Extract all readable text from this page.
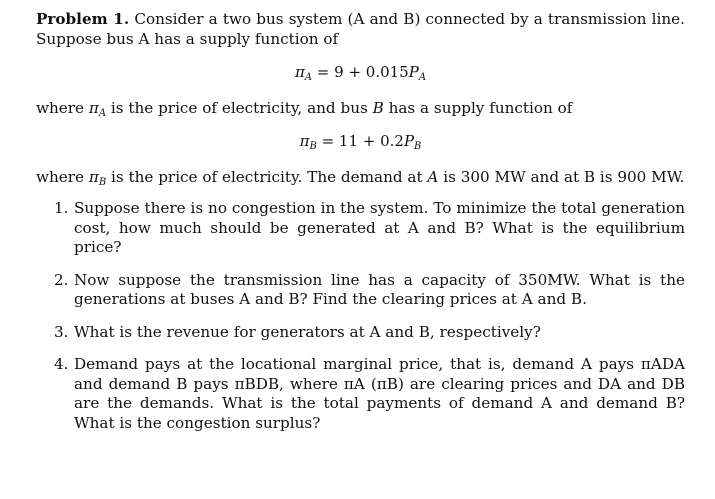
Problem 1. Consider a two bus system (A and B) connected by a transmission line. Suppose bus A has a supply function of

$\pi_A = 9 + 0.015P_A$

where $\pi_A$ is the price of electricity, and bus B has a supply function of

$\pi_B = 11 + 0.2P_B$

where $\pi_B$ is the price of electricity. The demand at A is 300 MW and at B is 900 MW.

1. Suppose there is no congestion in the system. To minimize the total generation cost, how much should be generated at A and B? What is the equilibrium price?
2. Now suppose the transmission line has a capacity of 350MW. What is the generations at buses A and B? Find the clearing prices at A and B.
3. What is the revenue for generators at A and B, respectively?
4. Demand pays at the locational marginal price, that is, demand A pays πADA and demand B pays πBDB, where πA (πB) are clearing prices and DA and DB are the demands. What is the total payments of demand A and demand B? What is the congestion surplus?
